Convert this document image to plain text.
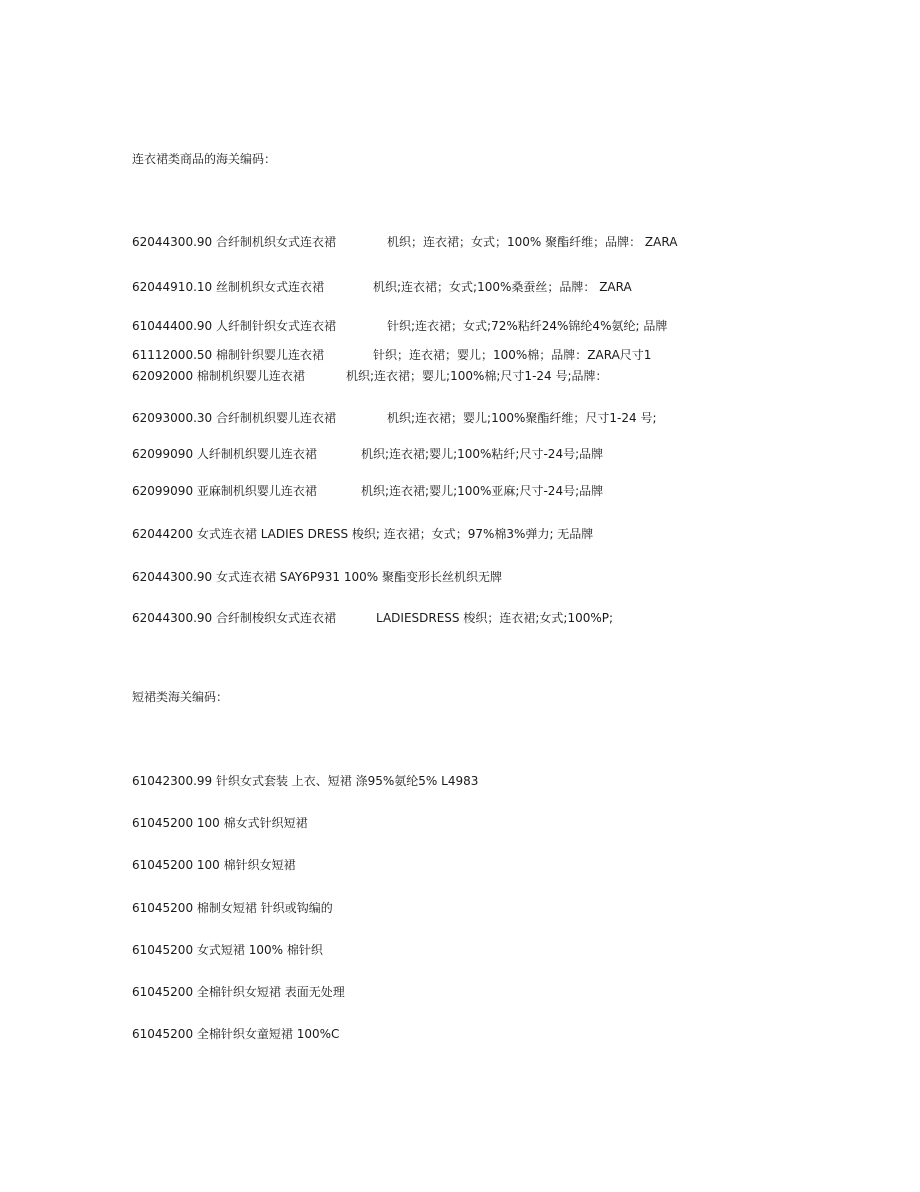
连衣裙类商品的海关编码：
62044300.90 合纤制机织女式连衣裙	机织；连衣裙；女式；100% 聚酯纤维；品牌： ZARA
62044910.10 丝制机织女式连衣裙	机织;连衣裙；女式;100%桑蚕丝；品牌： ZARA
61044400.90 人纤制针织女式连衣裙	针织;连衣裙；女式;72%粘纤24%锦纶4%氨纶; 品牌
61112000.50 棉制针织婴儿连衣裙	针织；连衣裙；婴儿；100%棉；品牌：ZARA尺寸1
62092000 棉制机织婴儿连衣裙	机织;连衣裙；婴儿;100%棉;尺寸1-24 号;品牌：
62093000.30 合纤制机织婴儿连衣裙	机织;连衣裙；婴儿;100%聚酯纤维；尺寸1-24 号;
62099090 人纤制机织婴儿连衣裙	机织;连衣裙;婴儿;100%粘纤;尺寸-24号;品牌
62099090 亚麻制机织婴儿连衣裙	机织;连衣裙;婴儿;100%亚麻;尺寸-24号;品牌
62044200 女式连衣裙 LADIES DRESS 梭织; 连衣裙；女式；97%棉3%弹力; 无品牌
62044300.90 女式连衣裙 SAY6P931 100% 聚酯变形长丝机织无牌
62044300.90 合纤制梭织女式连衣裙	LADIESDRESS 梭织；连衣裙;女式;100%P;
短裙类海关编码：
61042300.99 针织女式套装 上衣、短裙 涤95%氨纶5% L4983
61045200 100 棉女式针织短裙
61045200 100 棉针织女短裙
61045200 棉制女短裙 针织或钩编的
61045200 女式短裙 100% 棉针织
61045200 全棉针织女短裙 表面无处理
61045200 全棉针织女童短裙 100%C
